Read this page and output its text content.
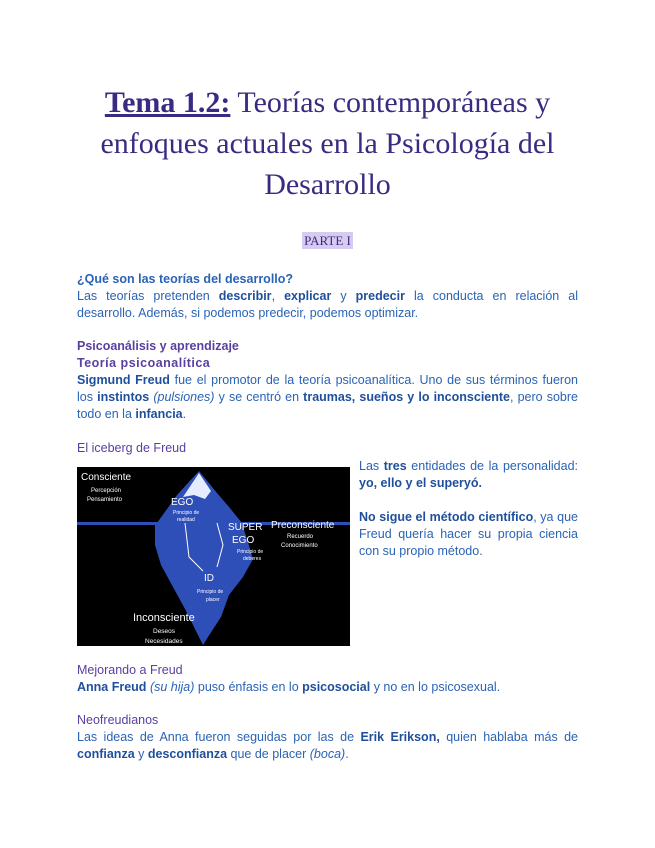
Tema 1.2: Teorías contemporáneas y
enfoques actuales en la Psicología del
Desarrollo
PARTE I
¿Qué son las teorías del desarrollo?
Las teorías pretenden describir, explicar y predecir la conducta en relación al desarrollo. Además, si podemos predecir, podemos optimizar.
Psicoanálisis y aprendizaje
Teoría psicoanalítica
Sigmund Freud fue el promotor de la teoría psicoanalítica. Uno de sus términos fueron los instintos (pulsiones) y se centró en traumas, sueños y lo inconsciente, pero sobre todo en la infancia.
El iceberg de Freud
Consciente
Percepción
Pensamiento	EGO
Principio de
realidad
SUPER
EGO
Principio de
deberes
Preconsciente
Recuerdo
Conocimiento
ID
Principio de
placer
Inconsciente
Deseos
Necesidades
Las tres entidades de la personalidad: yo, ello y el superyó.
No sigue el método científico, ya que Freud quería hacer su propia ciencia con su propio método.
Mejorando a Freud
Anna Freud (su hija) puso énfasis en lo psicosocial y no en lo psicosexual.
Neofreudianos
Las ideas de Anna fueron seguidas por las de Erik Erikson, quien hablaba más de confianza y desconfianza que de placer (boca).
